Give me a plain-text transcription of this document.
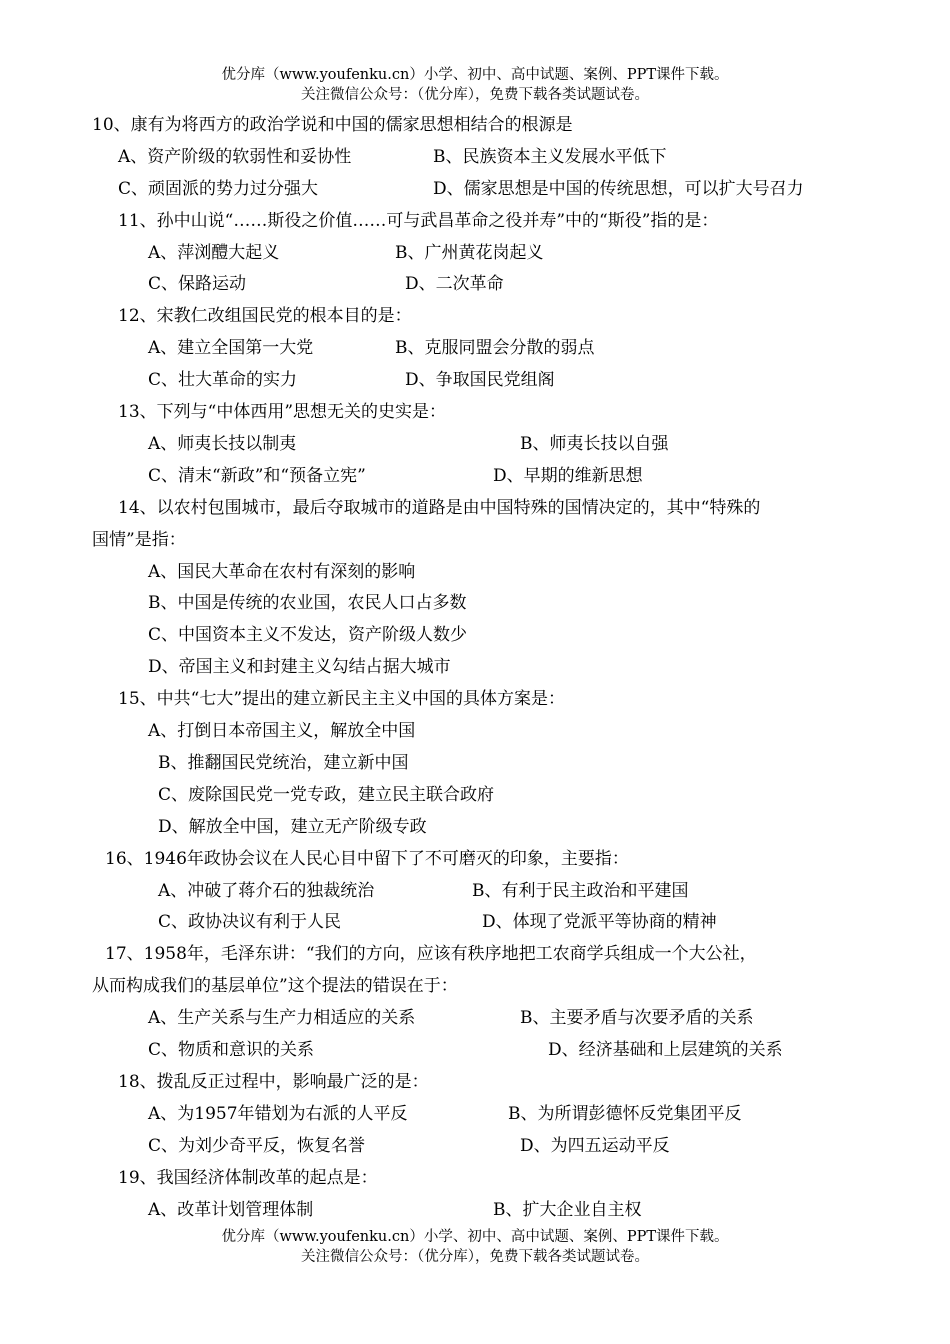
优分库（www.youfenku.cn）小学、初中、高中试题、案例、PPT课件下载。
关注微信公众号：（优分库），免费下载各类试题试卷。
10、康有为将西方的政治学说和中国的儒家思想相结合的根源是
A、资产阶级的软弱性和妥协性	B、民族资本主义发展水平低下
C、顽固派的势力过分强大	D、儒家思想是中国的传统思想，可以扩大号召力
11、孙中山说“……斯役之价值……可与武昌革命之役并寿”中的“斯役”指的是：
A、萍浏醴大起义	B、广州黄花岗起义
C、保路运动	D、二次革命
12、宋教仁改组国民党的根本目的是：
A、建立全国第一大党	B、克服同盟会分散的弱点
C、壮大革命的实力	D、争取国民党组阁
13、下列与“中体西用”思想无关的史实是：
A、师夷长技以制夷	B、师夷长技以自强
C、清末“新政”和“预备立宪”	D、早期的维新思想
14、以农村包围城市，最后夺取城市的道路是由中国特殊的国情决定的，其中“特殊的
国情”是指：
A、国民大革命在农村有深刻的影响
B、中国是传统的农业国，农民人口占多数
C、中国资本主义不发达，资产阶级人数少
D、帝国主义和封建主义勾结占据大城市
15、中共“七大”提出的建立新民主主义中国的具体方案是：
A、打倒日本帝国主义，解放全中国
B、推翻国民党统治，建立新中国
C、废除国民党一党专政，建立民主联合政府
D、解放全中国，建立无产阶级专政
16、1946年政协会议在人民心目中留下了不可磨灭的印象，主要指：
A、冲破了蒋介石的独裁统治	B、有利于民主政治和平建国
C、政协决议有利于人民	D、体现了党派平等协商的精神
17、1958年，毛泽东讲：“我们的方向，应该有秩序地把工农商学兵组成一个大公社，
从而构成我们的基层单位”这个提法的错误在于：
A、生产关系与生产力相适应的关系	B、主要矛盾与次要矛盾的关系
C、物质和意识的关系	D、经济基础和上层建筑的关系
18、拨乱反正过程中，影响最广泛的是：
A、为1957年错划为右派的人平反	B、为所谓彭德怀反党集团平反
C、为刘少奇平反，恢复名誉	D、为四五运动平反
19、我国经济体制改革的起点是：
A、改革计划管理体制	B、扩大企业自主权
优分库（www.youfenku.cn）小学、初中、高中试题、案例、PPT课件下载。
关注微信公众号：（优分库），免费下载各类试题试卷。
